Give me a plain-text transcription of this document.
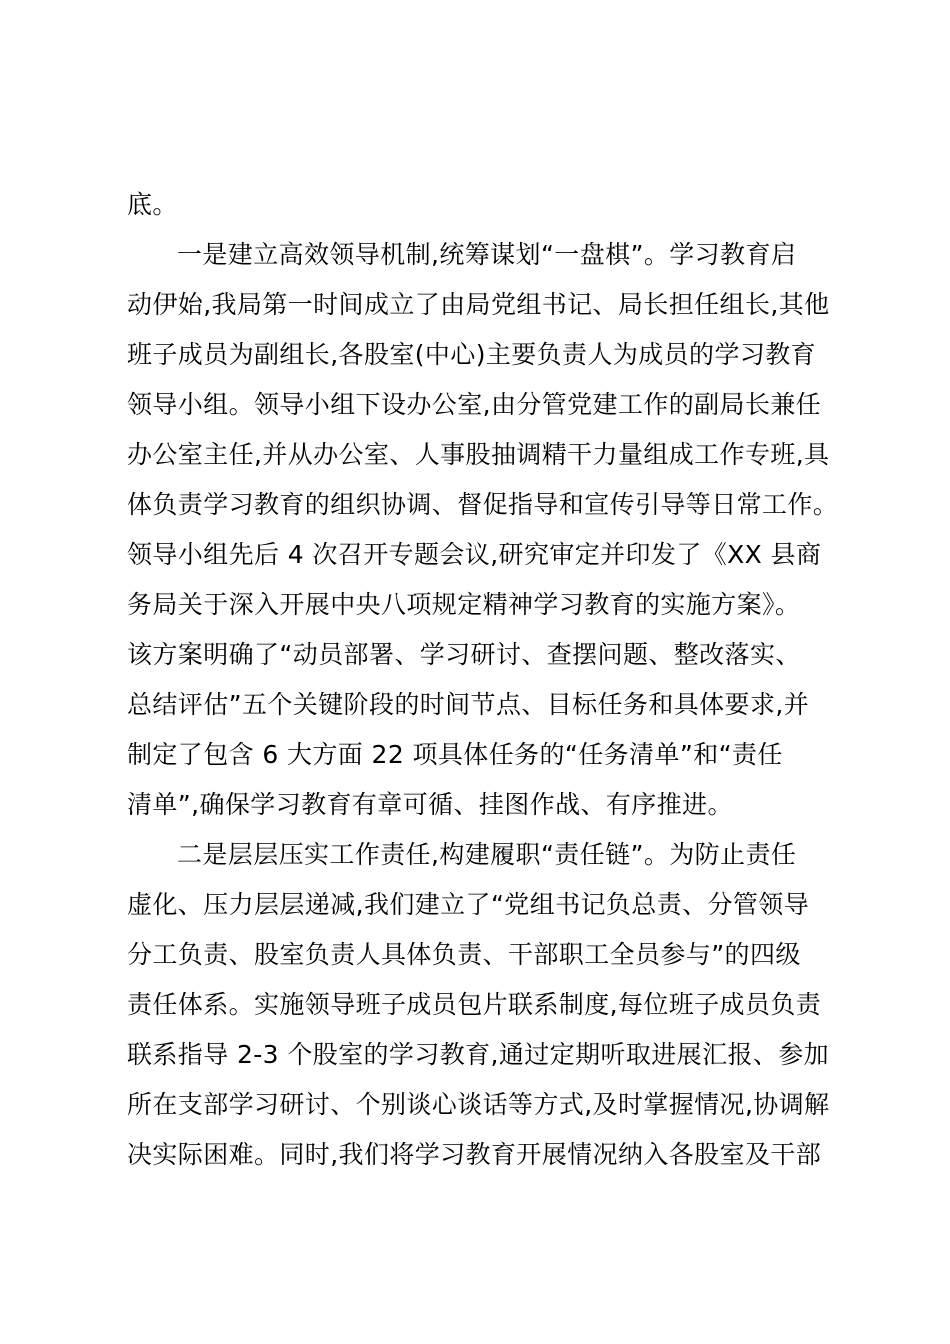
底。
一是建立高效领导机制,统筹谋划“一盘棋”。学习教育启
动伊始,我局第一时间成立了由局党组书记、局长担任组长,其他
班子成员为副组长,各股室(中心)主要负责人为成员的学习教育
领导小组。领导小组下设办公室,由分管党建工作的副局长兼任
办公室主任,并从办公室、人事股抽调精干力量组成工作专班,具
体负责学习教育的组织协调、督促指导和宣传引导等日常工作。
领导小组先后 4 次召开专题会议,研究审定并印发了《XX 县商
务局关于深入开展中央八项规定精神学习教育的实施方案》。
该方案明确了“动员部署、学习研讨、查摆问题、整改落实、
总结评估”五个关键阶段的时间节点、目标任务和具体要求,并
制定了包含 6 大方面 22 项具体任务的“任务清单”和“责任
清单”,确保学习教育有章可循、挂图作战、有序推进。
二是层层压实工作责任,构建履职“责任链”。为防止责任
虚化、压力层层递减,我们建立了“党组书记负总责、分管领导
分工负责、股室负责人具体负责、干部职工全员参与”的四级
责任体系。实施领导班子成员包片联系制度,每位班子成员负责
联系指导 2-3 个股室的学习教育,通过定期听取进展汇报、参加
所在支部学习研讨、个别谈心谈话等方式,及时掌握情况,协调解
决实际困难。同时,我们将学习教育开展情况纳入各股室及干部
